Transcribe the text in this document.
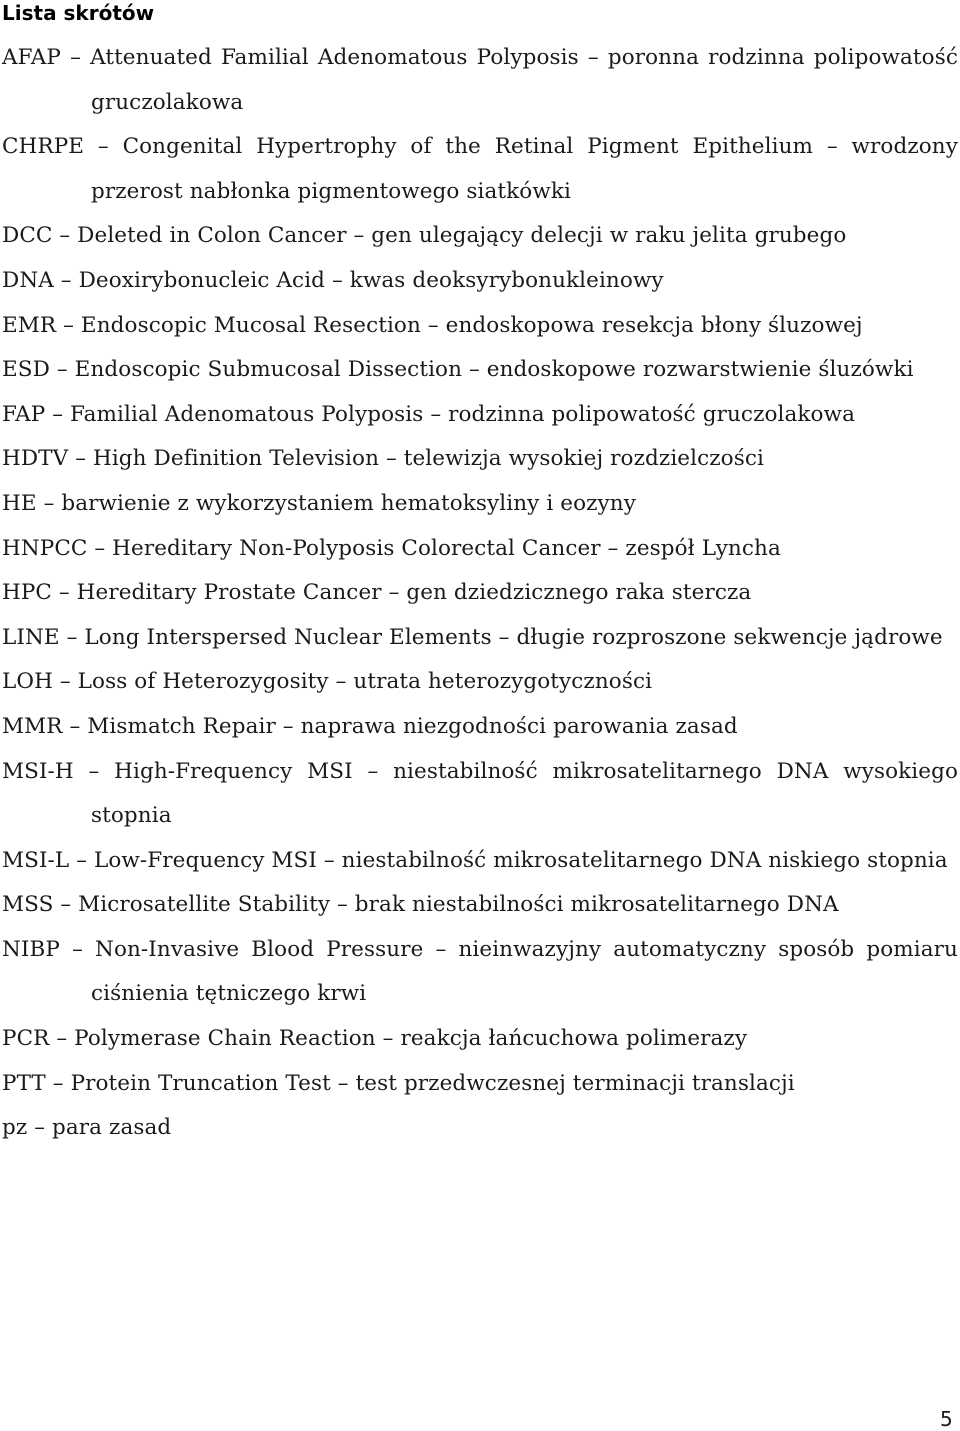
Lista skrótów
AFAP – Attenuated Familial Adenomatous Polyposis – poronna rodzinna polipowatość gruczolakowa
CHRPE – Congenital Hypertrophy of the Retinal Pigment Epithelium – wrodzony przerost nabłonka pigmentowego siatkówki
DCC – Deleted in Colon Cancer – gen ulegający delecji w raku jelita grubego
DNA – Deoxirybonucleic Acid – kwas deoksyrybonukleinowy
EMR – Endoscopic Mucosal Resection – endoskopowa resekcja błony śluzowej
ESD – Endoscopic Submucosal Dissection – endoskopowe rozwarstwienie śluzówki
FAP – Familial Adenomatous Polyposis – rodzinna polipowatość gruczolakowa
HDTV – High Definition Television – telewizja wysokiej rozdzielczości
HE – barwienie z wykorzystaniem hematoksyliny i eozyny
HNPCC – Hereditary Non-Polyposis Colorectal Cancer – zespół Lyncha
HPC – Hereditary Prostate Cancer – gen dziedzicznego raka stercza
LINE – Long Interspersed Nuclear Elements – długie rozproszone sekwencje jądrowe
LOH – Loss of Heterozygosity – utrata heterozygotyczności
MMR – Mismatch Repair – naprawa niezgodności parowania zasad
MSI-H – High-Frequency MSI – niestabilność mikrosatelitarnego DNA wysokiego stopnia
MSI-L – Low-Frequency MSI – niestabilność mikrosatelitarnego DNA niskiego stopnia
MSS – Microsatellite Stability – brak niestabilności mikrosatelitarnego DNA
NIBP – Non-Invasive Blood Pressure – nieinwazyjny automatyczny sposób pomiaru ciśnienia tętniczego krwi
PCR – Polymerase Chain Reaction – reakcja łańcuchowa polimerazy
PTT – Protein Truncation Test – test przedwczesnej terminacji translacji
pz – para zasad
5
